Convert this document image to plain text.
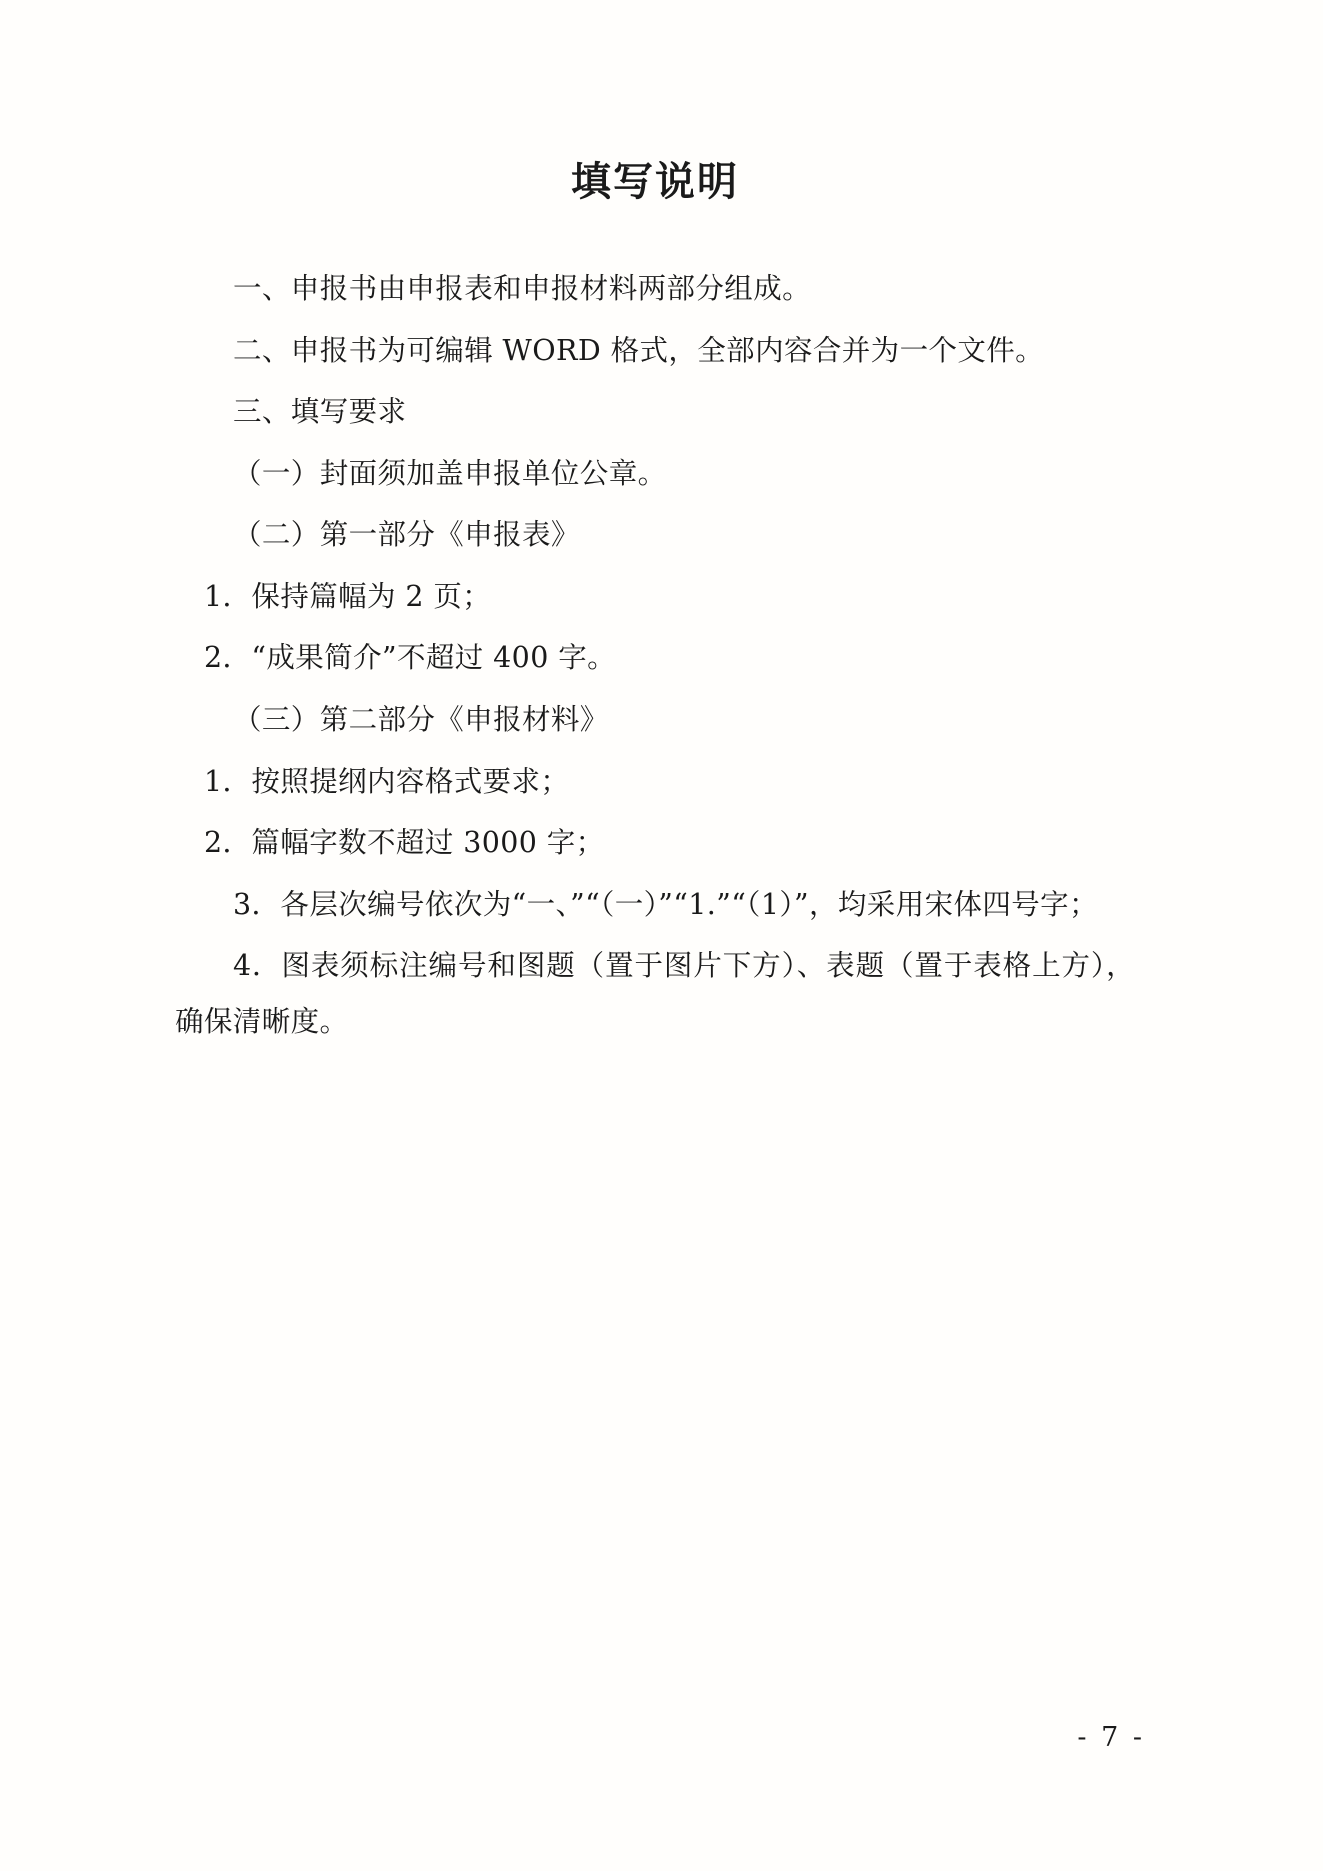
填写说明

一、申报书由申报表和申报材料两部分组成。

二、申报书为可编辑 WORD 格式，全部内容合并为一个文件。

三、填写要求

（一）封面须加盖申报单位公章。

（二）第一部分《申报表》

1．保持篇幅为 2 页；

2．“成果简介”不超过 400 字。

（三）第二部分《申报材料》

1．按照提纲内容格式要求；

2．篇幅字数不超过 3000 字；

3．各层次编号依次为“一、”“（一）”“1.”“（1）”，均采用宋体四号字；

4．图表须标注编号和图题（置于图片下方）、表题（置于表格上方），确保清晰度。

- 7 -
